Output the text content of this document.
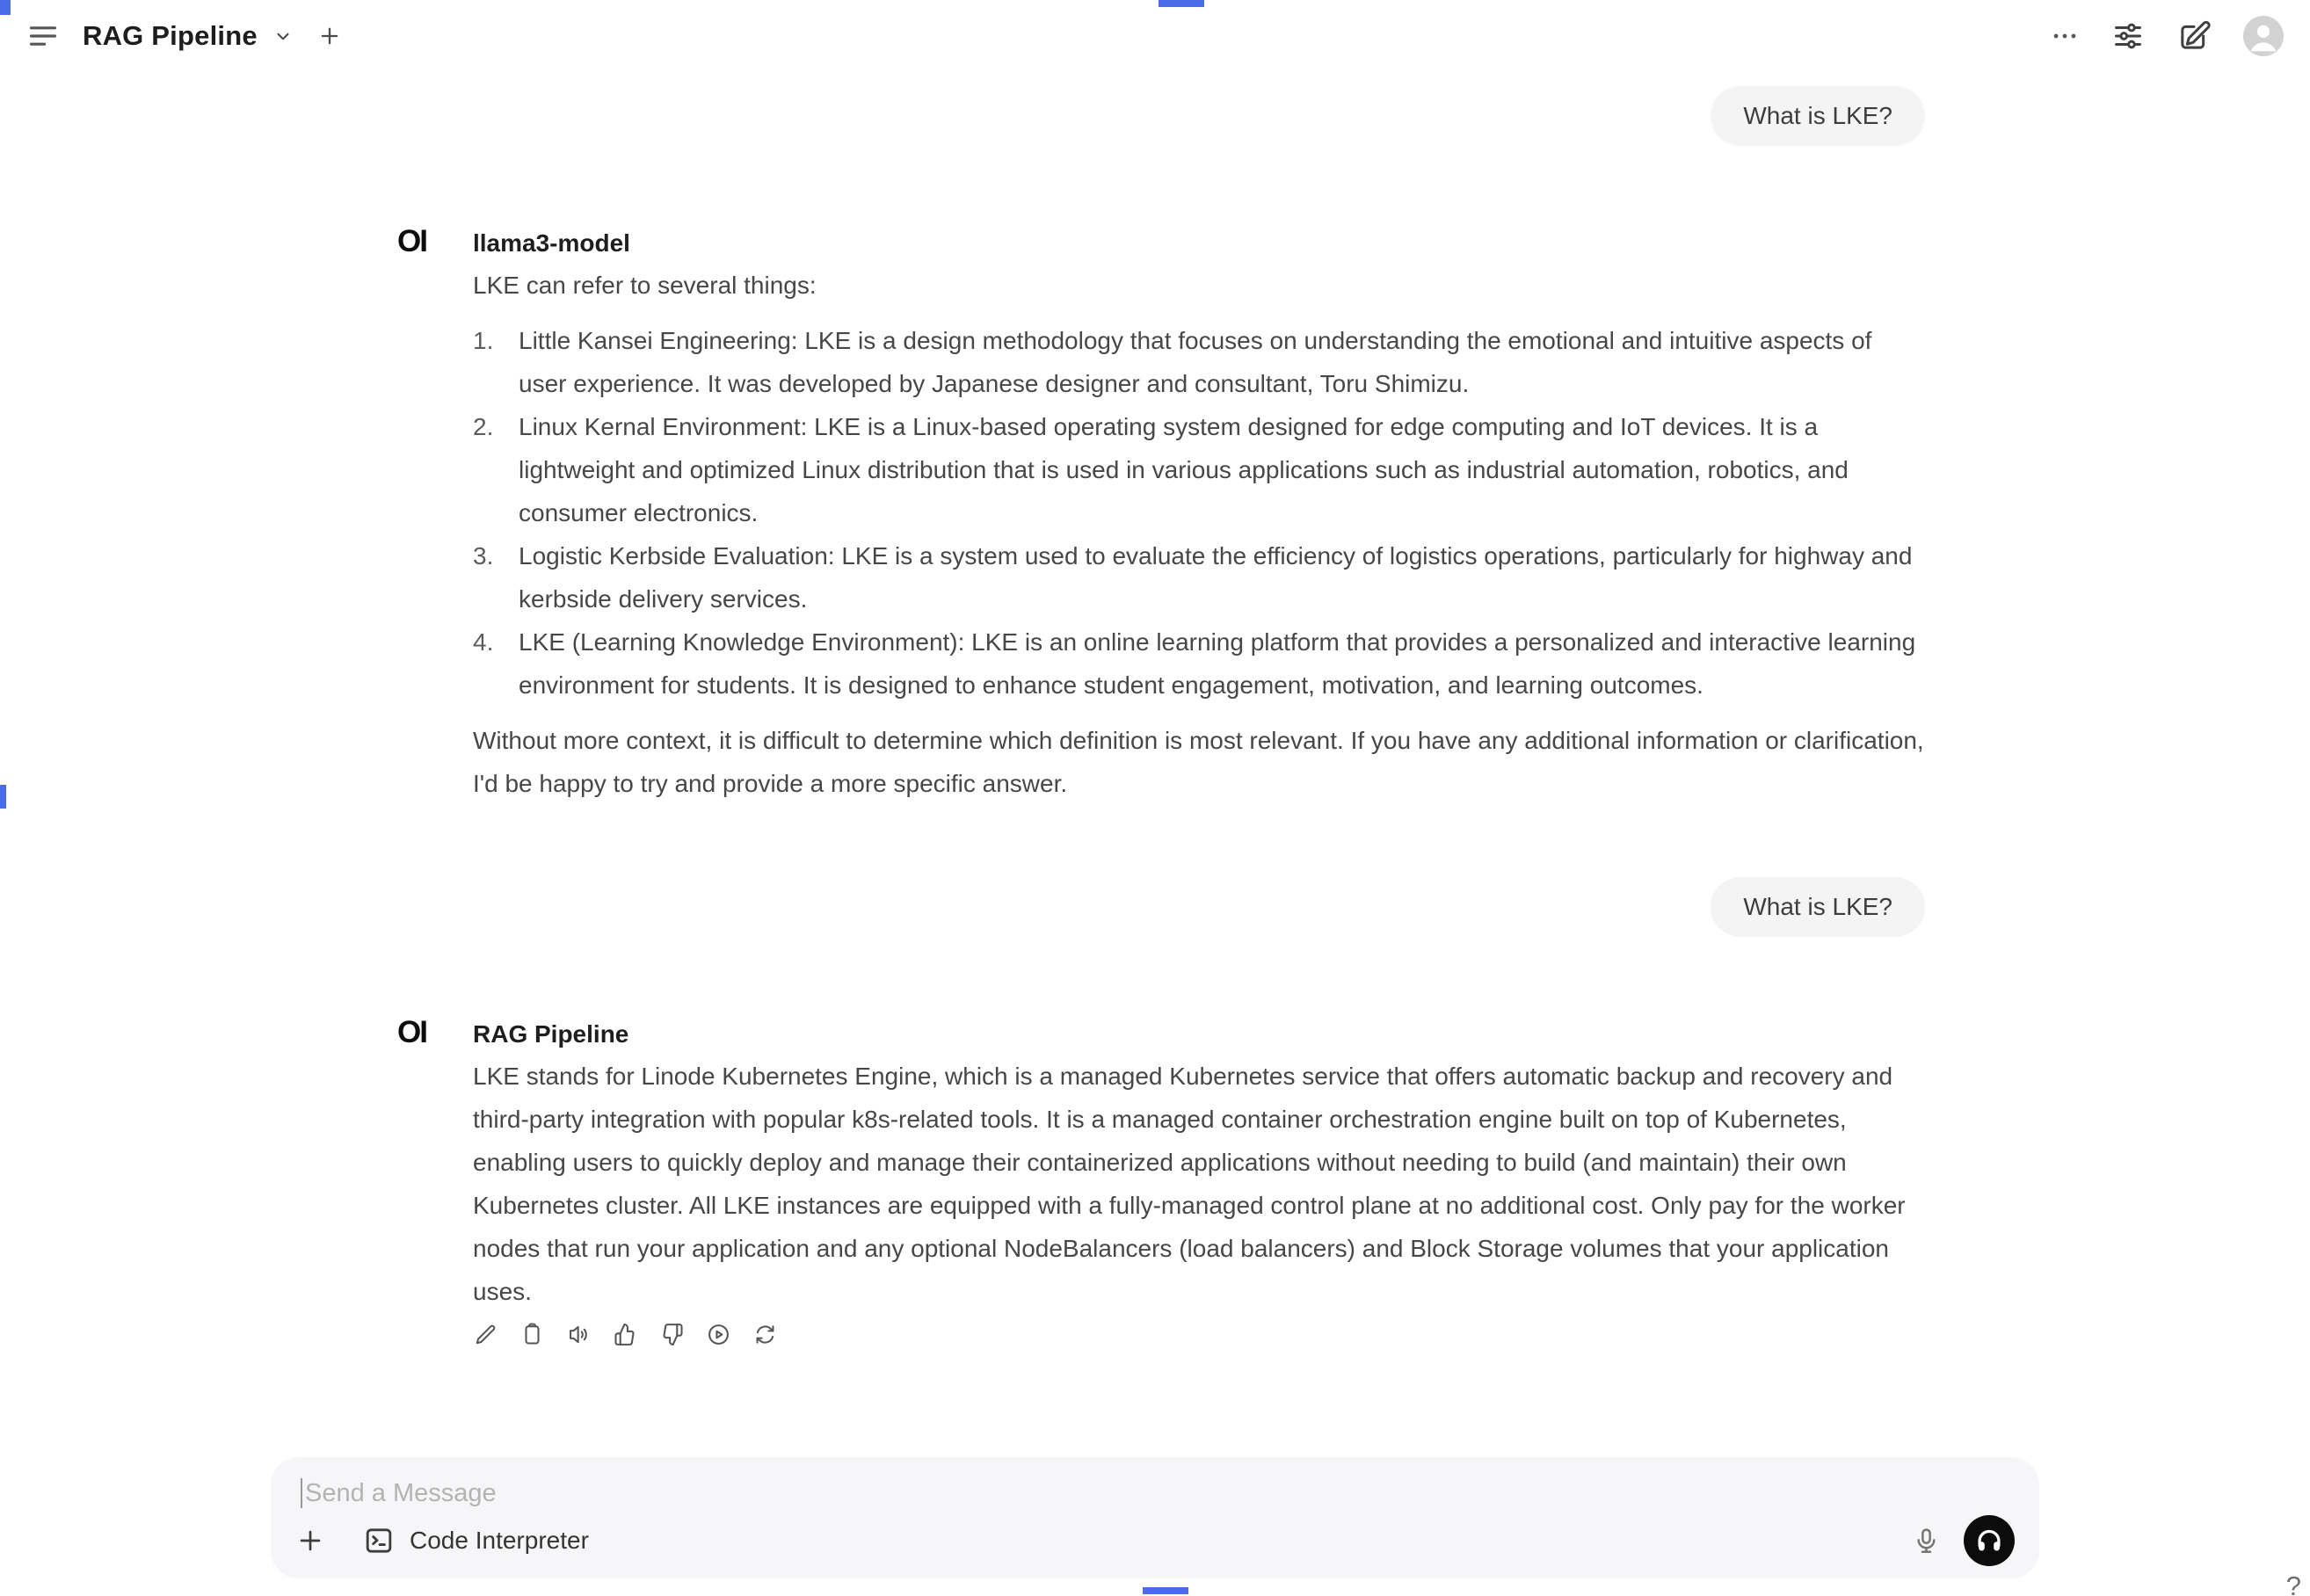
RAG Pipeline
What is LKE?
OI	llama3-model
LKE can refer to several things:
1.	Little Kansei Engineering: LKE is a design methodology that focuses on understanding the emotional and intuitive aspects of user experience. It was developed by Japanese designer and consultant, Toru Shimizu.
2.	Linux Kernal Environment: LKE is a Linux-based operating system designed for edge computing and IoT devices. It is a lightweight and optimized Linux distribution that is used in various applications such as industrial automation, robotics, and consumer electronics.
3.	Logistic Kerbside Evaluation: LKE is a system used to evaluate the efficiency of logistics operations, particularly for highway and kerbside delivery services.
4.	LKE (Learning Knowledge Environment): LKE is an online learning platform that provides a personalized and interactive learning environment for students. It is designed to enhance student engagement, motivation, and learning outcomes.
Without more context, it is difficult to determine which definition is most relevant. If you have any additional information or clarification, I'd be happy to try and provide a more specific answer.
What is LKE?
OI	RAG Pipeline
LKE stands for Linode Kubernetes Engine, which is a managed Kubernetes service that offers automatic backup and recovery and third-party integration with popular k8s-related tools. It is a managed container orchestration engine built on top of Kubernetes, enabling users to quickly deploy and manage their containerized applications without needing to build (and maintain) their own Kubernetes cluster. All LKE instances are equipped with a fully-managed control plane at no additional cost. Only pay for the worker nodes that run your application and any optional NodeBalancers (load balancers) and Block Storage volumes that your application uses.
Send a Message
Code Interpreter
?
